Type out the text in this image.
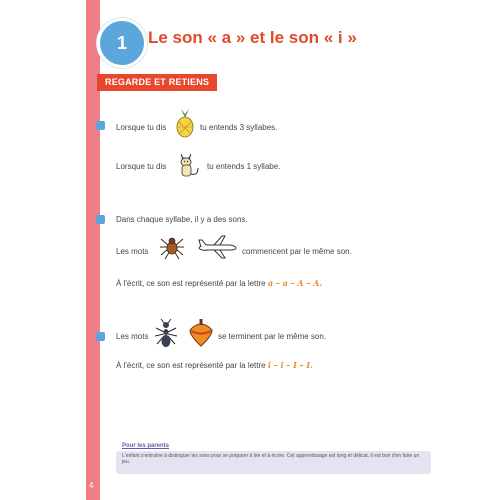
4
1	Le son « a » et le son « i »
REGARDE ET RETIENS
Lorsque tu dis	tu entends 3 syllabes.
Lorsque tu dis	tu entends 1 syllabe.
Dans chaque syllabe, il y a des sons.
Les mots	commencent par le même son.
À l'écrit, ce son est représenté par la lettre a – a – A – A.
Les mots	se terminent par le même son.
À l'écrit, ce son est représenté par la lettre i – i – I – I.
Pour les parents
L'enfant s'entraîne à distinguer les sons pour se préparer à lire et à écrire. Cet apprentissage est long et délicat, il est bon d'en faire un jeu.
